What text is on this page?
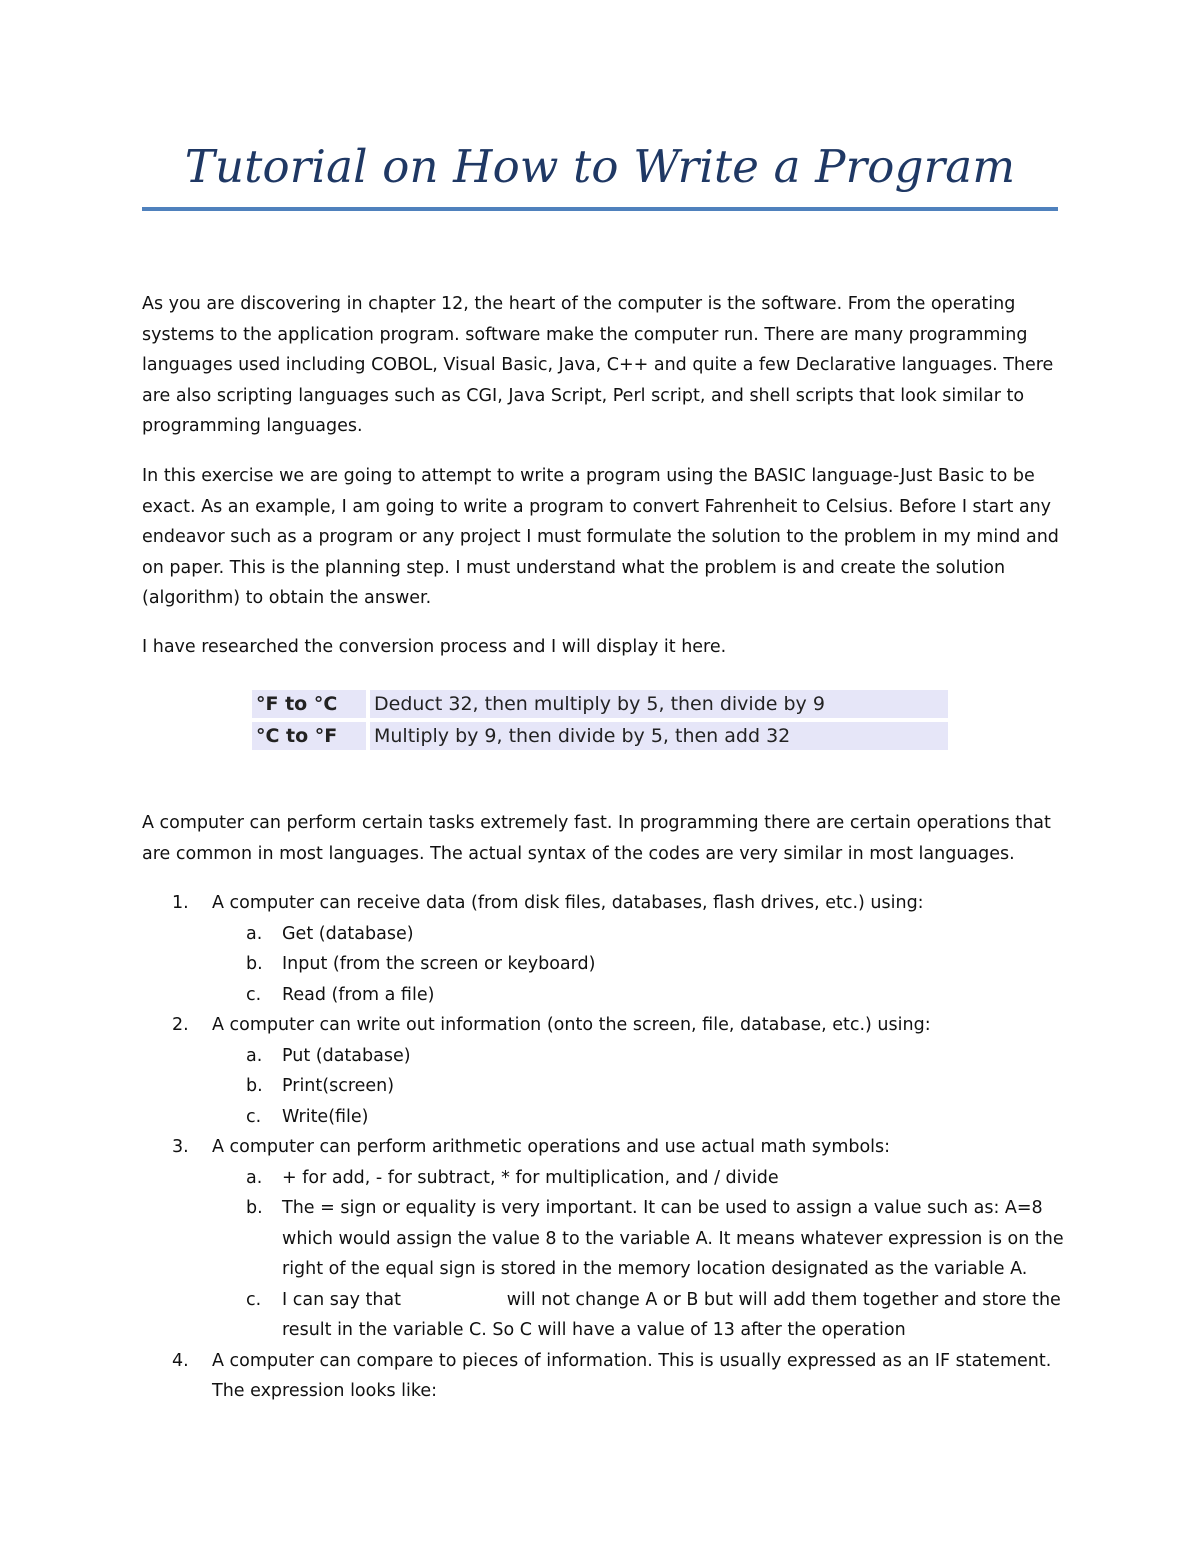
Tutorial on How to Write a Program
As you are discovering in chapter 12, the heart of the computer is the software. From the operating
systems to the application program. software make the computer run. There are many programming
languages used including COBOL, Visual Basic, Java, C++ and quite a few Declarative languages. There
are also scripting languages such as CGI, Java Script, Perl script, and shell scripts that look similar to
programming languages.
In this exercise we are going to attempt to write a program using the BASIC language-Just Basic to be
exact. As an example, I am going to write a program to convert Fahrenheit to Celsius. Before I start any
endeavor such as a program or any project I must formulate the solution to the problem in my mind and
on paper. This is the planning step. I must understand what the problem is and create the solution
(algorithm) to obtain the answer.
I have researched the conversion process and I will display it here.
°F to °C	Deduct 32, then multiply by 5, then divide by 9
°C to °F	Multiply by 9, then divide by 5, then add 32
A computer can perform certain tasks extremely fast. In programming there are certain operations that
are common in most languages. The actual syntax of the codes are very similar in most languages.
1.	A computer can receive data (from disk files, databases, flash drives, etc.) using:
a.	Get (database)
b.	Input (from the screen or keyboard)
c.	Read (from a file)
2.	A computer can write out information (onto the screen, file, database, etc.) using:
a.	Put (database)
b.	Print(screen)
c.	Write(file)
3.	A computer can perform arithmetic operations and use actual math symbols:
a.	+ for add, - for subtract, * for multiplication, and / divide
b.	The = sign or equality is very important. It can be used to assign a value such as: A=8
which would assign the value 8 to the variable A. It means whatever expression is on the
right of the equal sign is stored in the memory location designated as the variable A.
c.	I can say that                   will not change A or B but will add them together and store the
result in the variable C. So C will have a value of 13 after the operation
4.	A computer can compare to pieces of information. This is usually expressed as an IF statement.
The expression looks like:
